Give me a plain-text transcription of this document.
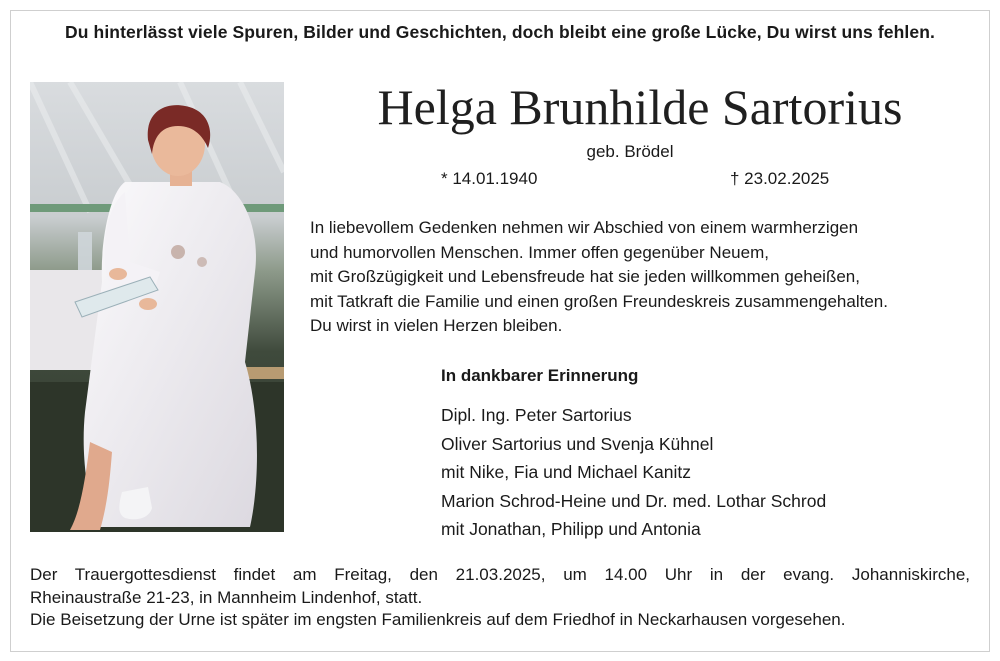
Du hinterlässt viele Spuren, Bilder und Geschichten, doch bleibt eine große Lücke, Du wirst uns fehlen.
Helga Brunhilde Sartorius
geb. Brödel
* 14.01.1940	† 23.02.2025
In liebevollem Gedenken nehmen wir Abschied von einem warmherzigen
und humorvollen Menschen. Immer offen gegenüber Neuem,
mit Großzügigkeit und Lebensfreude hat sie jeden willkommen geheißen,
mit Tatkraft die Familie und einen großen Freundeskreis zusammengehalten.
Du wirst in vielen Herzen bleiben.
In dankbarer Erinnerung
Dipl. Ing. Peter Sartorius
Oliver Sartorius und Svenja Kühnel
mit Nike, Fia und Michael Kanitz
Marion Schrod-Heine und Dr. med. Lothar Schrod
mit Jonathan, Philipp und Antonia
Der Trauergottesdienst findet am Freitag, den 21.03.2025, um 14.00 Uhr in der evang. Johanniskirche,
Rheinaustraße 21-23, in Mannheim Lindenhof, statt.
Die Beisetzung der Urne ist später im engsten Familienkreis auf dem Friedhof in Neckarhausen vorgesehen.
